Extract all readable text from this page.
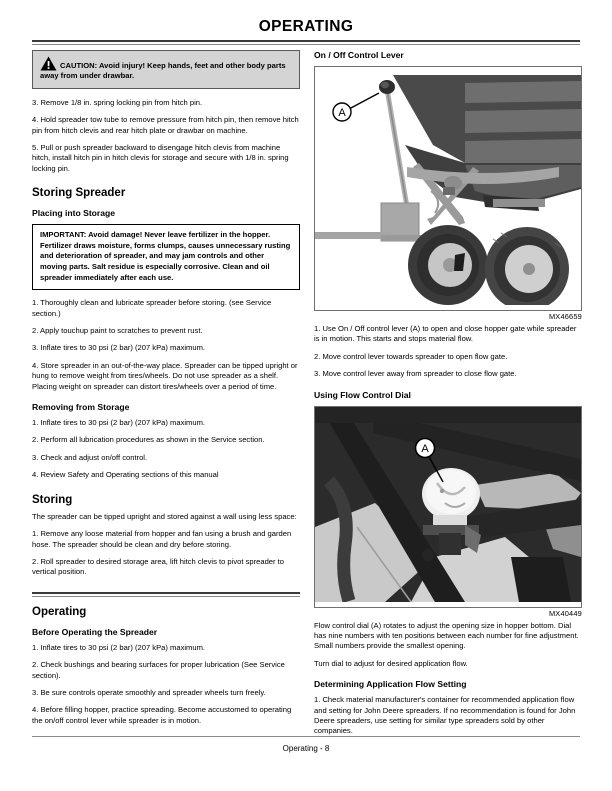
OPERATING
CAUTION: Avoid injury! Keep hands, feet and other body parts away from under drawbar.

3. Remove 1/8 in. spring locking pin from hitch pin.

4. Hold spreader tow tube to remove pressure from hitch pin, then remove hitch pin from hitch clevis and rear hitch plate or drawbar on machine.

5. Pull or push spreader backward to disengage hitch clevis from machine hitch, install hitch pin in hitch clevis for storage and secure with 1/8 in. spring locking pin.

Storing Spreader
Placing into Storage
IMPORTANT: Avoid damage! Never leave fertilizer in the hopper. Fertilizer draws moisture, forms clumps, causes unnecessary rusting and deterioration of spreader, and may jam controls and other moving parts. Salt residue is especially corrosive. Clean and oil spreader immediately after each use.

1. Thoroughly clean and lubricate spreader before storing. (see Service section.)

2. Apply touchup paint to scratches to prevent rust.

3. Inflate tires to 30 psi (2 bar) (207 kPa) maximum.

4. Store spreader in an out-of-the-way place. Spreader can be tipped upright or hung to remove weight from tires/wheels. Do not use spreader as a shelf. Placing weight on spreader can distort tires/wheels over a period of time.

Removing from Storage

1. Inflate tires to 30 psi (2 bar) (207 kPa) maximum.

2. Perform all lubrication procedures as shown in the Service section.

3. Check and adjust on/off control.

4. Review Safety and Operating sections of this manual

Storing

The spreader can be tipped upright and stored against a wall using less space:

1. Remove any loose material from hopper and fan using a brush and garden hose. The spreader should be clean and dry before storing.

2. Roll spreader to desired storage area, lift hitch clevis to pivot spreader to vertical position.

Operating
Before Operating the Spreader

1. Inflate tires to 30 psi (2 bar) (207 kPa) maximum.

2. Check bushings and bearing surfaces for proper lubrication (See Service section).

3. Be sure controls operate smoothly and spreader wheels turn freely.

4. Before filling hopper, practice spreading. Become accustomed to operating the on/off control lever while spreader is in motion.

On / Off Control Lever
A
MX46659

1. Use On / Off control lever (A) to open and close hopper gate while spreader is in motion. This starts and stops material flow.

2. Move control lever towards spreader to open flow gate.

3. Move control lever away from spreader to close flow gate.

Using Flow Control Dial
A
MX40449

Flow control dial (A) rotates to adjust the opening size in hopper bottom. Dial has nine numbers with ten positions between each number for fine adjustment. Small numbers provide the smallest opening.

Turn dial to adjust for desired application flow.

Determining Application Flow Setting

1. Check material manufacturer's container for recommended application flow and setting for John Deere spreaders. If no recommendation is found for John Deere spreaders, use setting for similar type spreaders sold by other companies.

Operating - 8
